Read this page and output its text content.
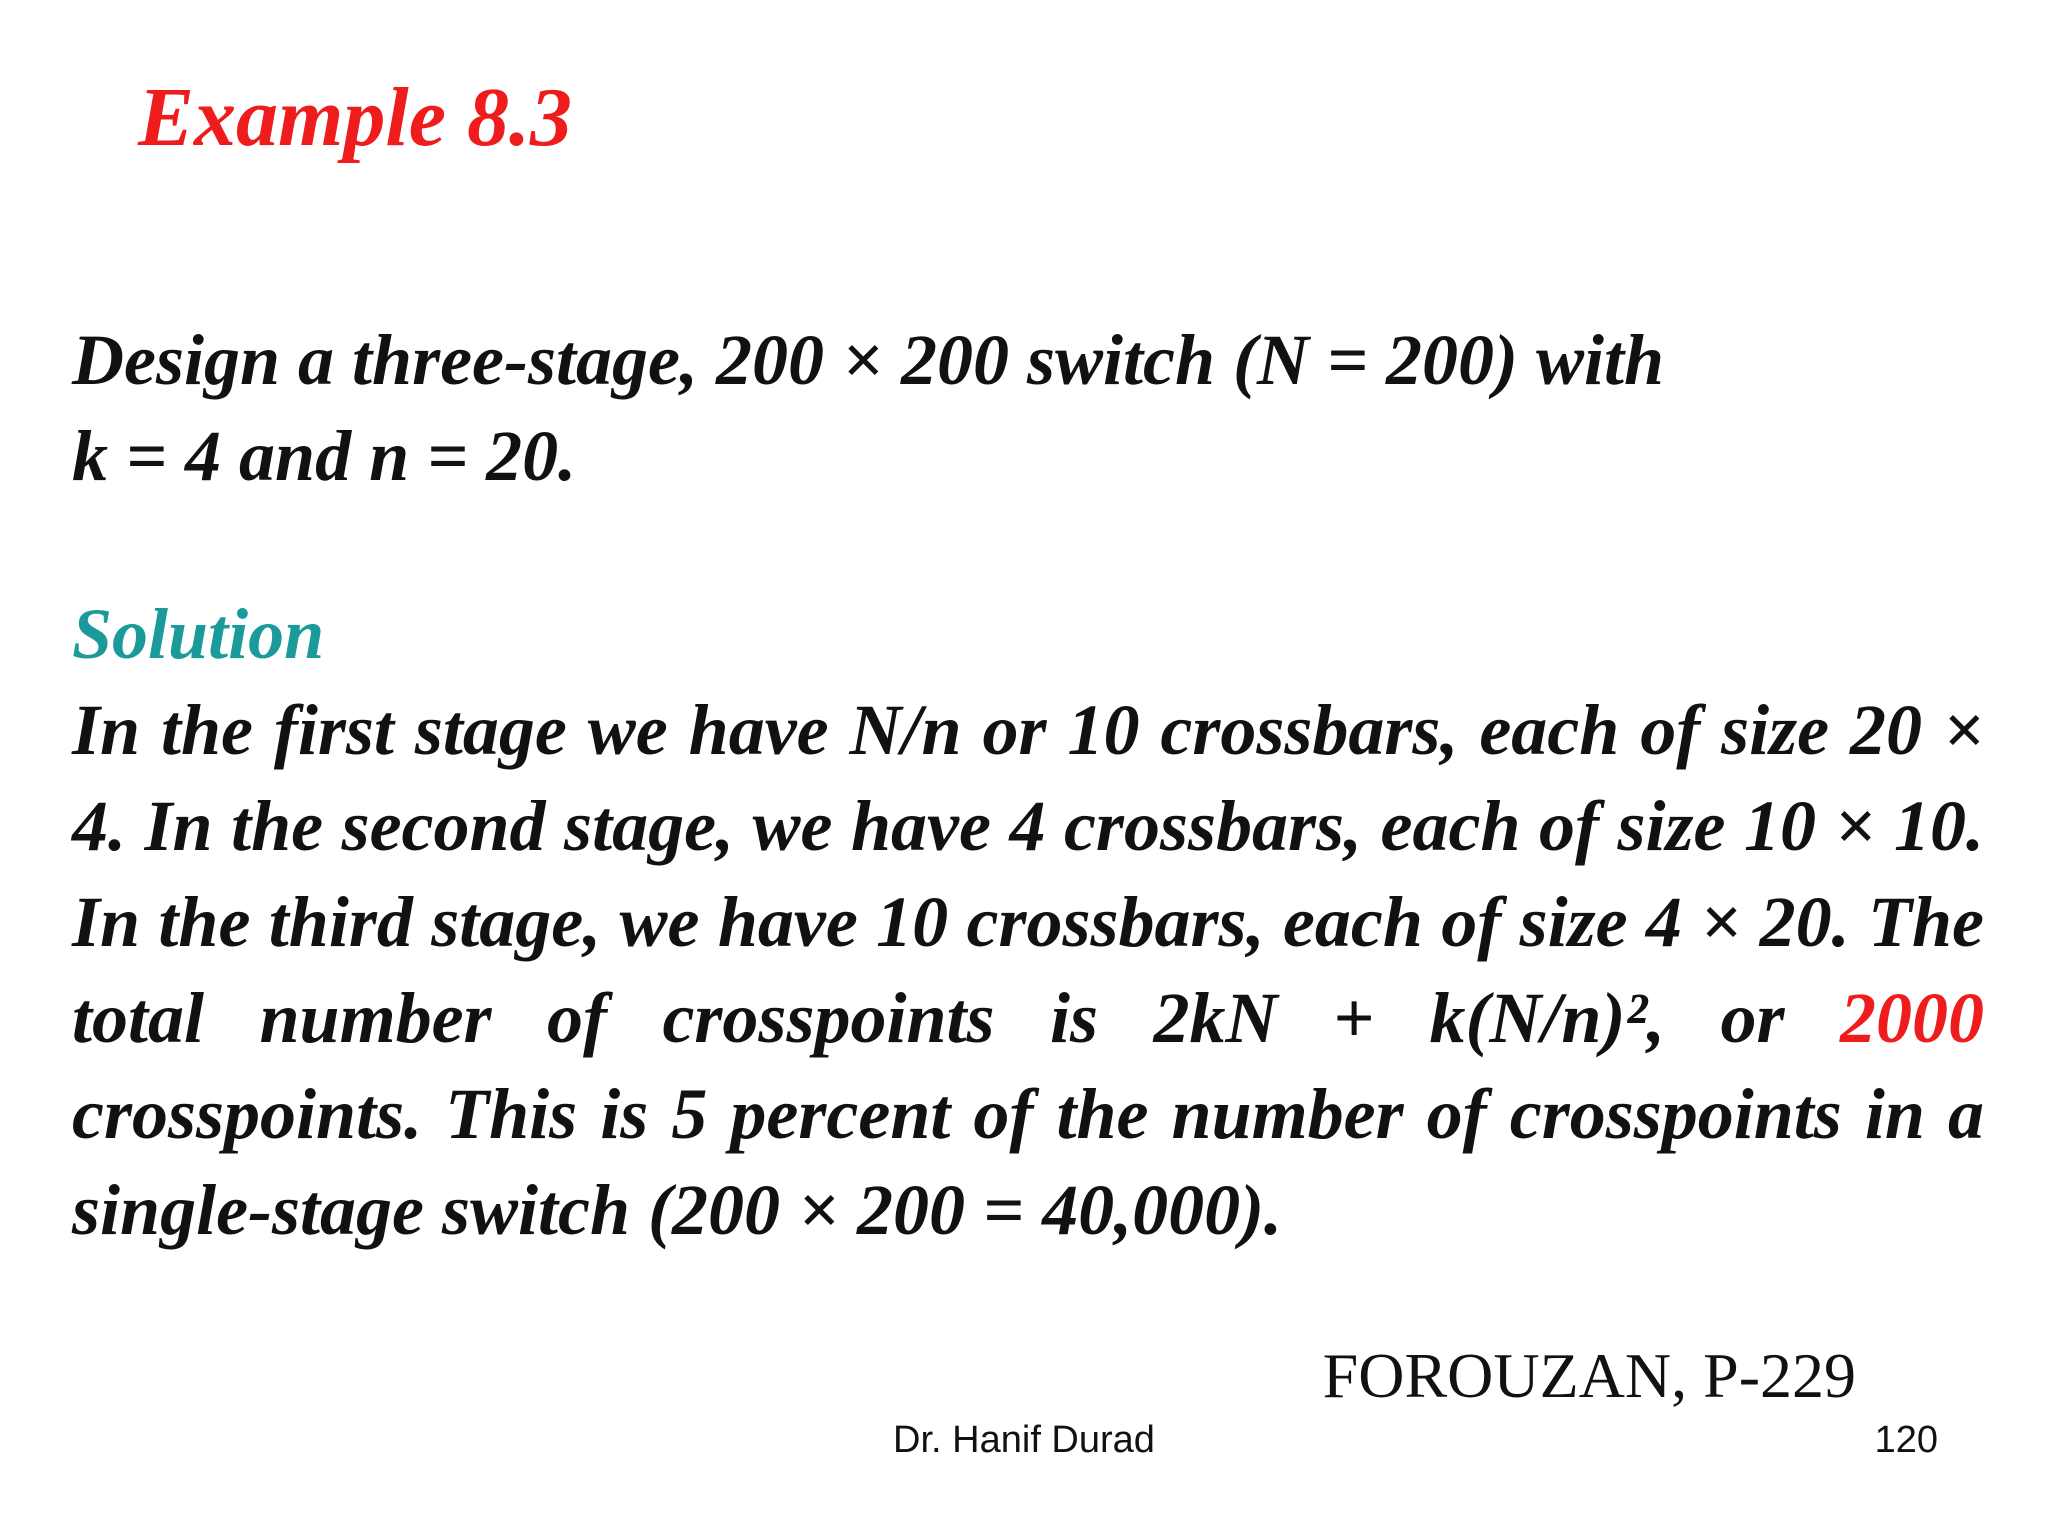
Example 8.3

Design a three-stage, 200 × 200 switch (N = 200) with
k = 4 and n = 20.

Solution

In the first stage we have N/n or 10 crossbars, each of size 20 × 4. In the second stage, we have 4 crossbars, each of size 10 × 10. In the third stage, we have 10 crossbars, each of size 4 × 20. The total number of crosspoints is 2kN + k(N/n)², or 2000 crosspoints. This is 5 percent of the number of crosspoints in a single-stage switch (200 × 200 = 40,000).

FOROUZAN, P-229
Dr. Hanif Durad	120
